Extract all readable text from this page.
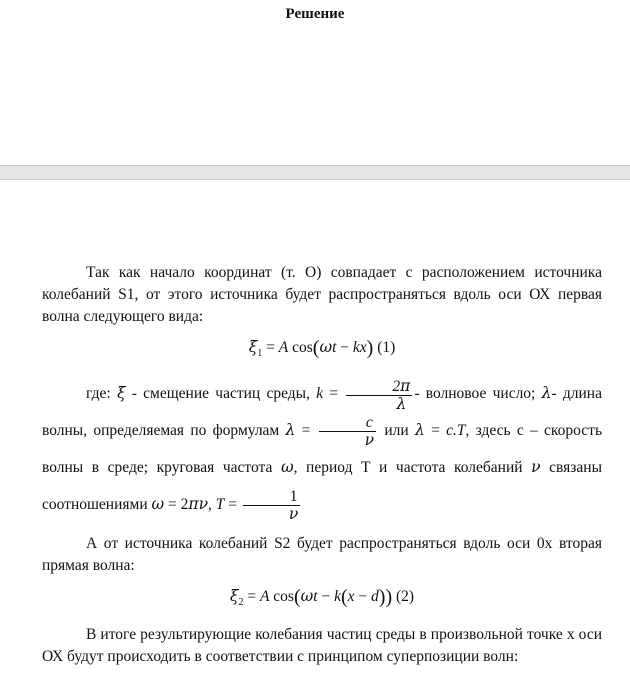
Решение

Так как начало координат (т. О) совпадает с расположением источника колебаний S1, от этого источника будет распространяться вдоль оси ОХ первая волна следующего вида:

$\xi_1 = A$ cos(ωt − kx) (1)

где: ξ - смещение частиц среды, $k = \frac{2\pi}{\lambda}$ - волновое число; λ- длина волны, определяемая по формулам $\lambda = \frac{c}{\nu}$ или λ = c.T, здесь с – скорость волны в среде; круговая частота ω, период Т и частота колебаний ν связаны соотношениями ω = 2πν, $T = \frac{1}{\nu}$

А от источника колебаний S2 будет распространяться вдоль оси 0х вторая прямая волна:

$\xi_2 = A$ cos(ωt − k(x − d)) (2)

В итоге результирующие колебания частиц среды в произвольной точке х оси ОХ будут происходить в соответствии с принципом суперпозиции волн:
